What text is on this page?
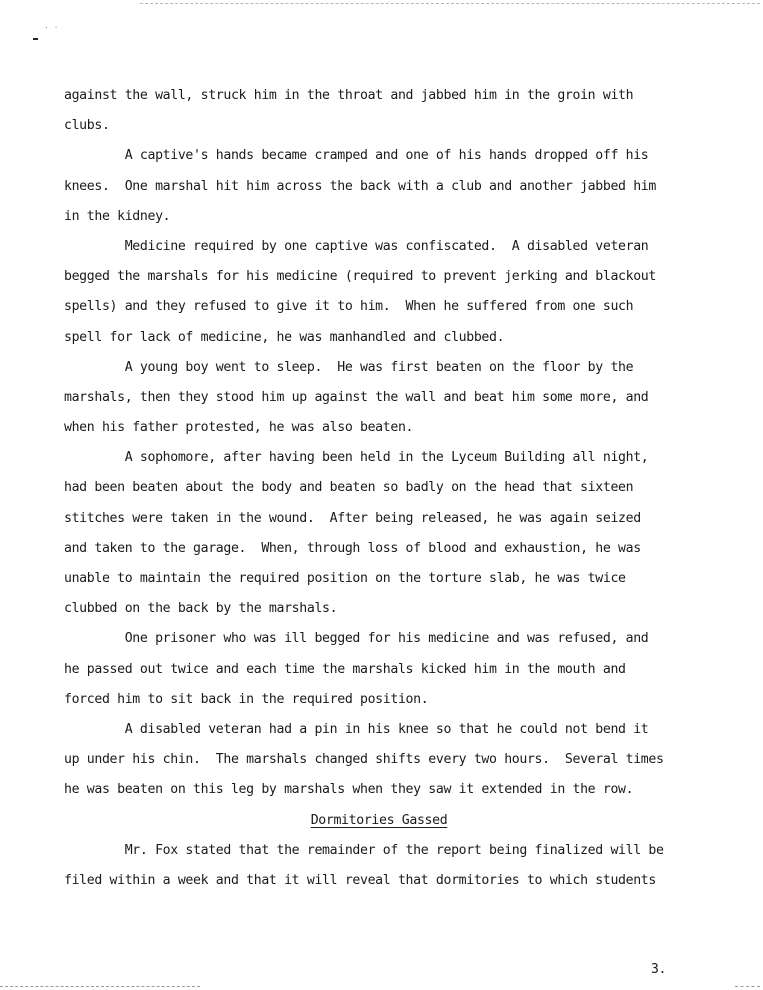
· ·
against the wall, struck him in the throat and jabbed him in the groin with
clubs.
A captive's hands became cramped and one of his hands dropped off his
knees.  One marshal hit him across the back with a club and another jabbed him
in the kidney.
Medicine required by one captive was confiscated.  A disabled veteran
begged the marshals for his medicine (required to prevent jerking and blackout
spells) and they refused to give it to him.  When he suffered from one such
spell for lack of medicine, he was manhandled and clubbed.
A young boy went to sleep.  He was first beaten on the floor by the
marshals, then they stood him up against the wall and beat him some more, and
when his father protested, he was also beaten.
A sophomore, after having been held in the Lyceum Building all night,
had been beaten about the body and beaten so badly on the head that sixteen
stitches were taken in the wound.  After being released, he was again seized
and taken to the garage.  When, through loss of blood and exhaustion, he was
unable to maintain the required position on the torture slab, he was twice
clubbed on the back by the marshals.
One prisoner who was ill begged for his medicine and was refused, and
he passed out twice and each time the marshals kicked him in the mouth and
forced him to sit back in the required position.
A disabled veteran had a pin in his knee so that he could not bend it
up under his chin.  The marshals changed shifts every two hours.  Several times
he was beaten on this leg by marshals when they saw it extended in the row.
Dormitories Gassed
Mr. Fox stated that the remainder of the report being finalized will be
filed within a week and that it will reveal that dormitories to which students
3.
